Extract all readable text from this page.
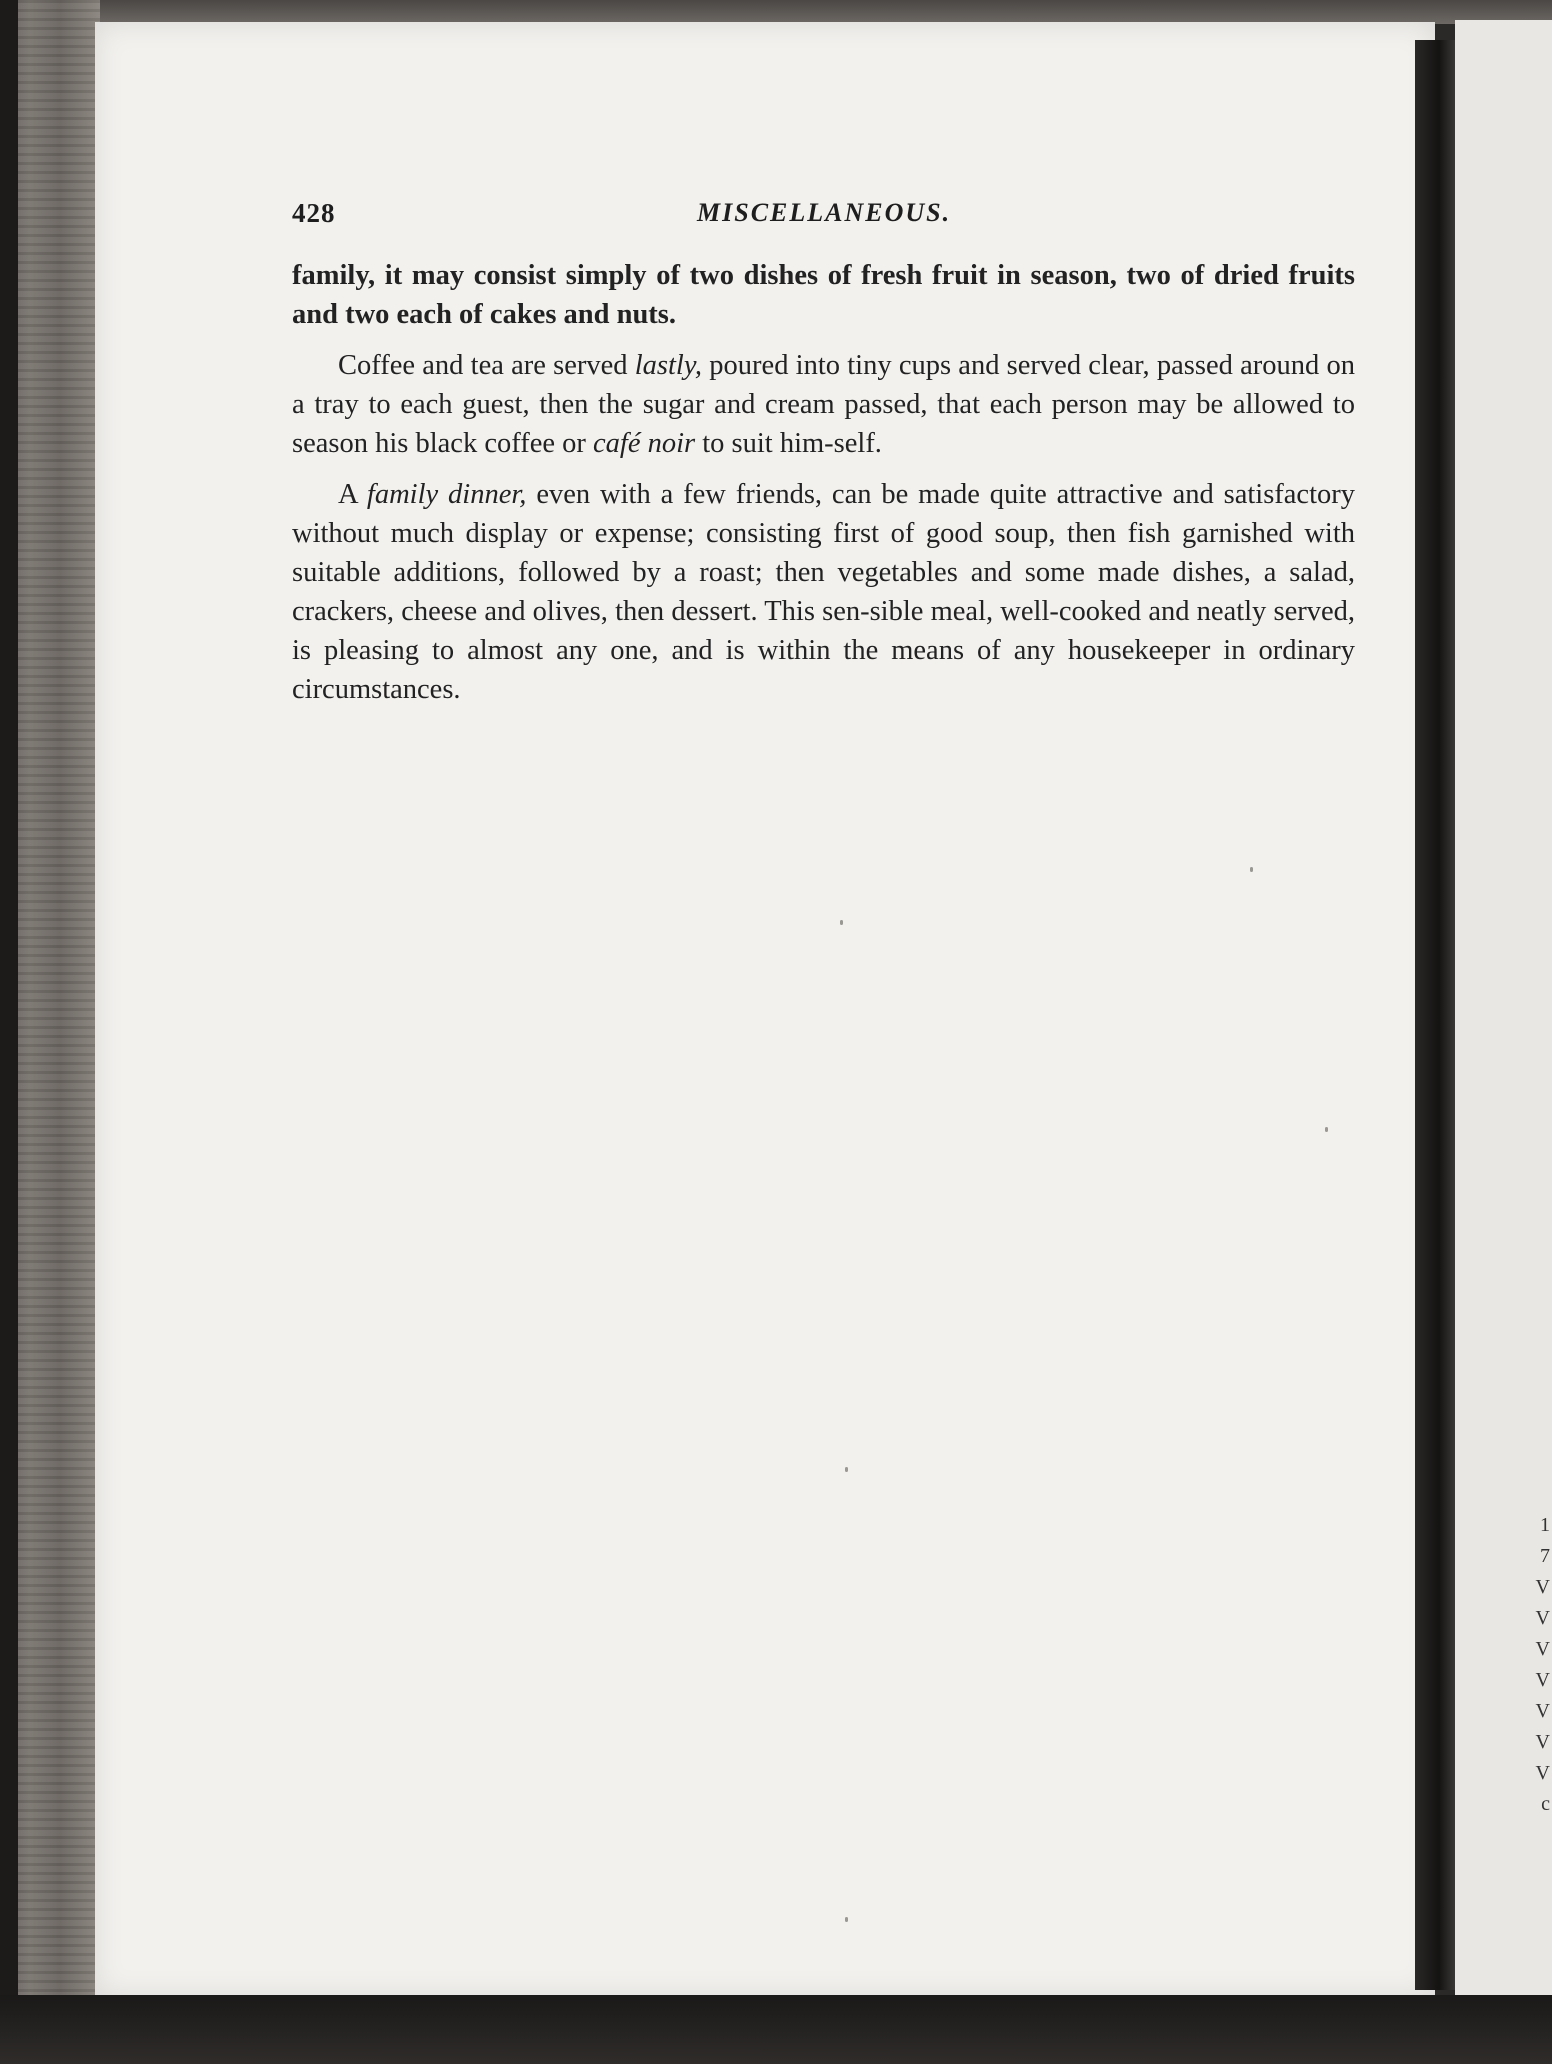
1
7
V
V
V
V
V
V
V
c
428	MISCELLANEOUS.

family, it may consist simply of two dishes of fresh fruit in season, two of dried fruits and two each of cakes and nuts.

Coffee and tea are served lastly, poured into tiny cups and served clear, passed around on a tray to each guest, then the sugar and cream passed, that each person may be allowed to season his black coffee or café noir to suit him-self.

A family dinner, even with a few friends, can be made quite attractive and satisfactory without much display or expense; consisting first of good soup, then fish garnished with suitable additions, followed by a roast; then vegetables and some made dishes, a salad, crackers, cheese and olives, then dessert. This sen-sible meal, well-cooked and neatly served, is pleasing to almost any one, and is within the means of any housekeeper in ordinary circumstances.
